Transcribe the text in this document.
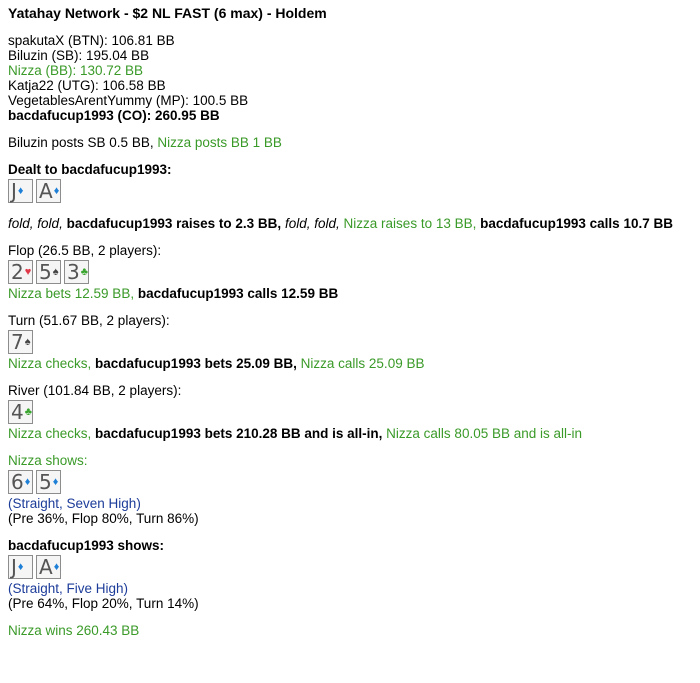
Yatahay Network - $2 NL FAST (6 max) - Holdem
spakutaX (BTN): 106.81 BB
Biluzin (SB): 195.04 BB
Nizza (BB): 130.72 BB
Katja22 (UTG): 106.58 BB
VegetablesArentYummy (MP): 100.5 BB
bacdafucup1993 (CO): 260.95 BB
Biluzin posts SB 0.5 BB, Nizza posts BB 1 BB
Dealt to bacdafucup1993:
J ♦ A ♦
fold, fold, bacdafucup1993 raises to 2.3 BB, fold, fold, Nizza raises to 13 BB, bacdafucup1993 calls 10.7 BB
Flop (26.5 BB, 2 players):
2 ♥ 5 ♠ 3 ♣
Nizza bets 12.59 BB, bacdafucup1993 calls 12.59 BB
Turn (51.67 BB, 2 players):
7 ♠
Nizza checks, bacdafucup1993 bets 25.09 BB, Nizza calls 25.09 BB
River (101.84 BB, 2 players):
4 ♣
Nizza checks, bacdafucup1993 bets 210.28 BB and is all-in, Nizza calls 80.05 BB and is all-in
Nizza shows:
6 ♦ 5 ♦
(Straight, Seven High)
(Pre 36%, Flop 80%, Turn 86%)
bacdafucup1993 shows:
J ♦ A ♦
(Straight, Five High)
(Pre 64%, Flop 20%, Turn 14%)
Nizza wins 260.43 BB
